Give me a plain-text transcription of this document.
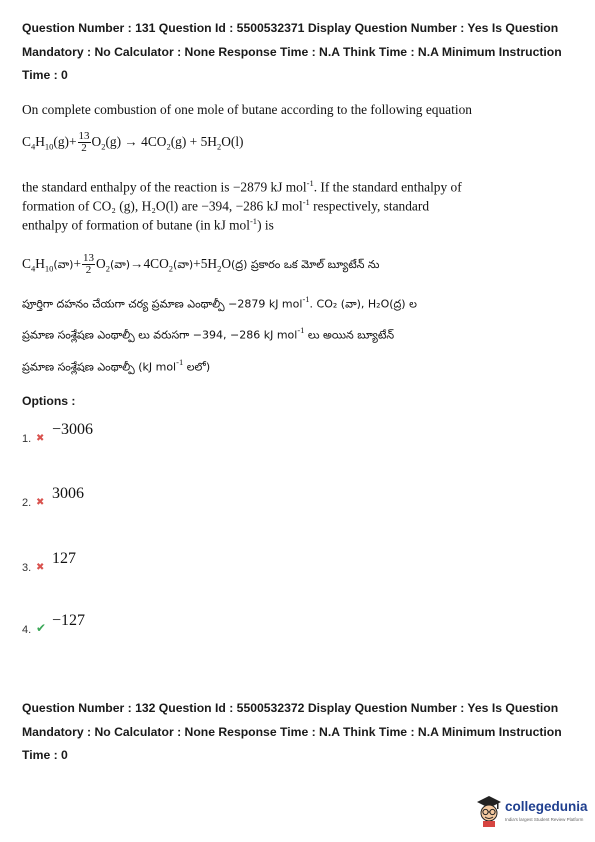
Question Number : 131 Question Id : 5500532371 Display Question Number : Yes Is Question
Mandatory : No Calculator : None Response Time : N.A Think Time : N.A Minimum Instruction
Time : 0
On complete combustion of one mole of butane according to the following equation
$C_4H_{10}(g)+ \frac{13}{2} O_2(g) \to 4CO_2(g) + 5H_2O(l)$
the standard enthalpy of the reaction is −2879 kJ mol$^{-1}$. If the standard enthalpy of
formation of CO₂ (g), H₂O(l) are −394, −286 kJ mol$^{-1}$ respectively, standard
enthalpy of formation of butane (in kJ mol$^{-1}$) is
$C_4H_{10}(వా)+ \frac{13}{2}$ $O_2(వా)\to 4CO_2(వా)+5H_2O(ద్ర)$ ప్రకారం ఒక మోల్ బ్యూటేన్ ను
పూర్తిగా దహనం చేయగా చర్య ప్రమాణ ఎంథాల్పీ −2879 kJ mol$^{-1}$. CO₂ (వా), H₂O(ద్ర) ల
ప్రమాణ సంశ్లేషణ ఎంథాల్పీ లు వరుసగా −394, −286 kJ mol$^{-1}$ లు అయిన బ్యూటేన్
ప్రమాణ సంశ్లేషణ ఎంథాల్పీ (kJ mol$^{-1}$ లలో)
Options :
1. ✖
−3006
2. ✖
3006
3. ✖
127
4. ✔ −127
Question Number : 132 Question Id : 5500532372 Display Question Number : Yes Is Question
Mandatory : No Calculator : None Response Time : N.A Think Time : N.A Minimum Instruction
Time : 0
collegedunia
India's largest Student Review Platform
